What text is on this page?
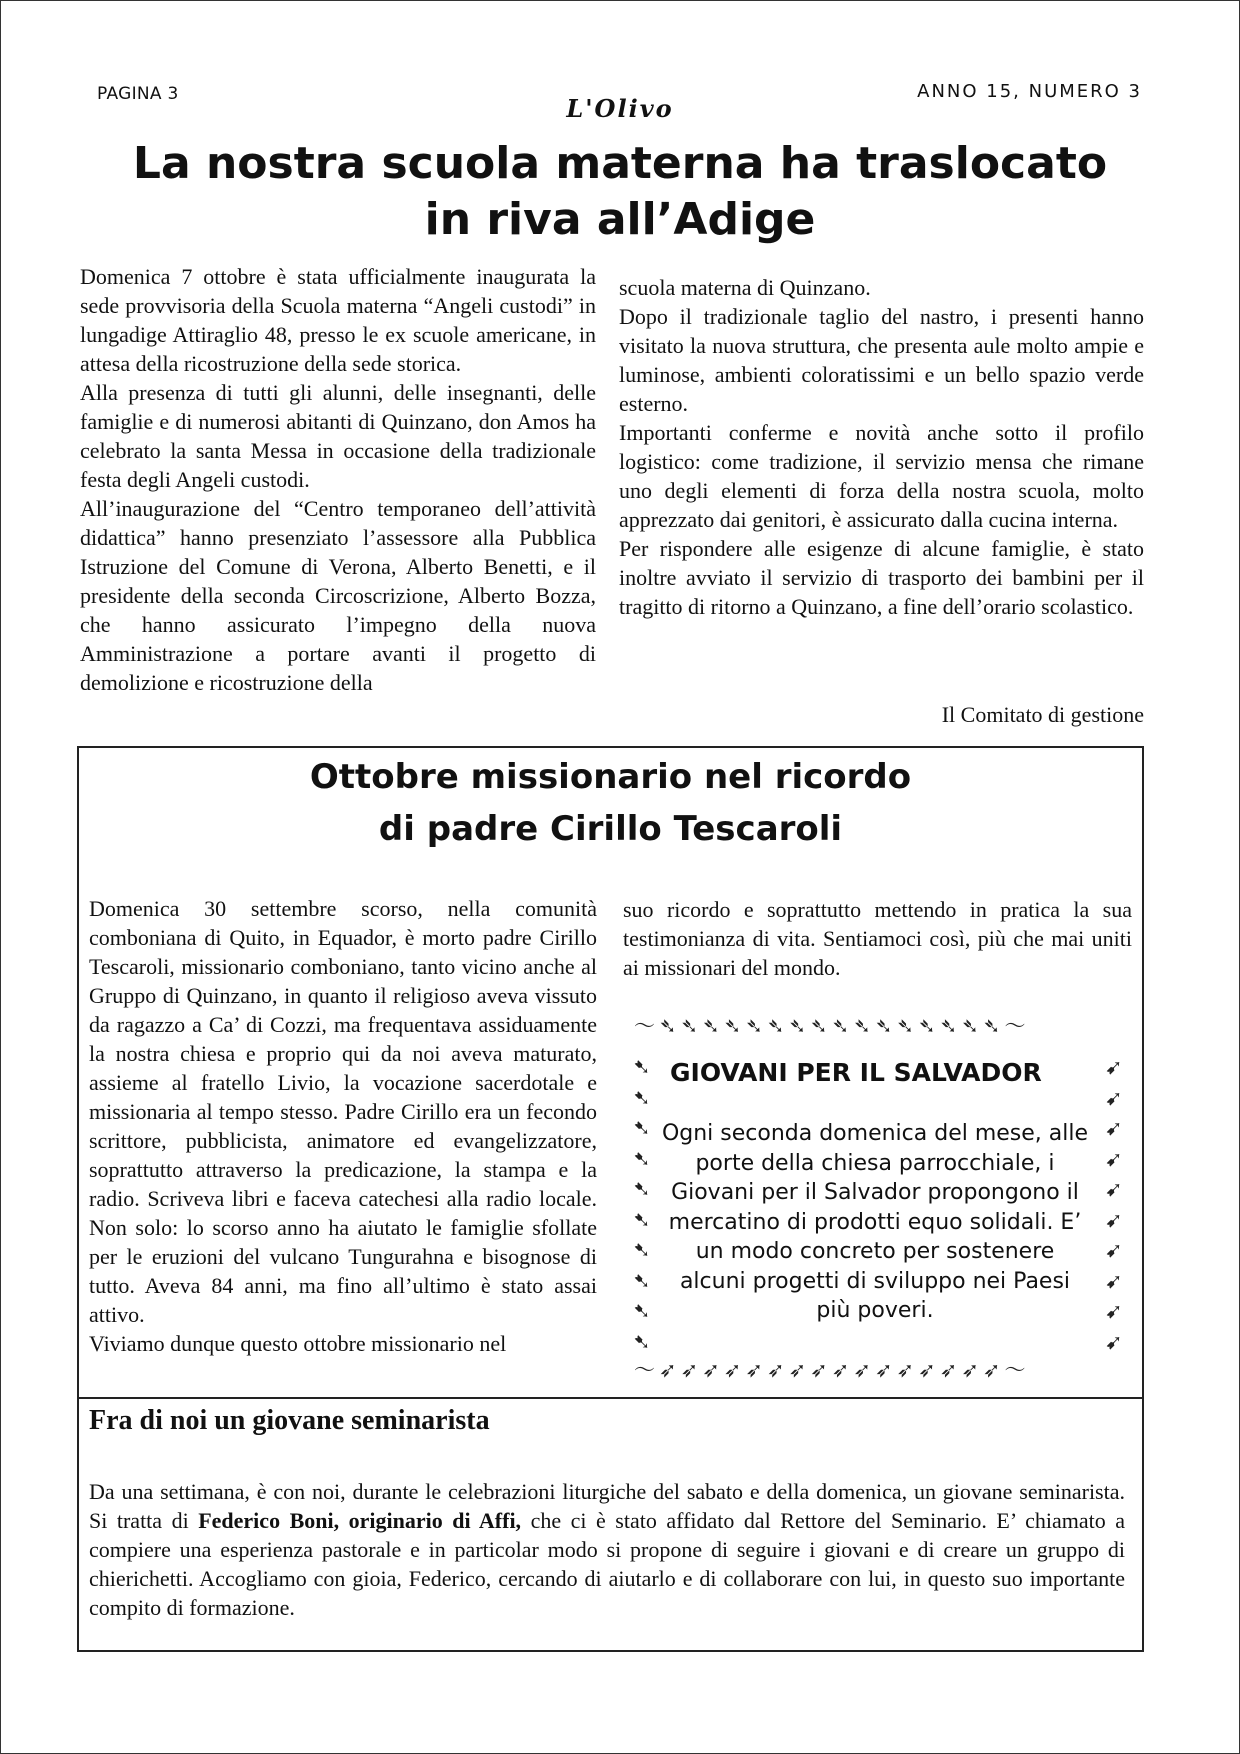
PAGINA 3	L'Olivo
ANNO 15, NUMERO 3
La nostra scuola materna ha traslocato
in riva all’Adige

Domenica 7 ottobre è stata ufficialmente inaugurata la sede provvisoria della Scuola materna “Angeli custodi” in lungadige Attiraglio 48, presso le ex scuole americane, in attesa della ricostruzione della sede storica.

Alla presenza di tutti gli alunni, delle insegnanti, delle famiglie e di numerosi abitanti di Quinzano, don Amos ha celebrato la santa Messa in occasione della tradizionale festa degli Angeli custodi.

All’inaugurazione del “Centro temporaneo dell’attività didattica” hanno presenziato l’assessore alla Pubblica Istruzione del Comune di Verona, Alberto Benetti, e il presidente della seconda Circoscrizione, Alberto Bozza, che hanno assicurato l’impegno della nuova Amministrazione a portare avanti il progetto di demolizione e ricostruzione della

scuola materna di Quinzano.

Dopo il tradizionale taglio del nastro, i presenti hanno visitato la nuova struttura, che presenta aule molto ampie e luminose, ambienti coloratissimi e un bello spazio verde esterno.

Importanti conferme e novità anche sotto il profilo logistico: come tradizione, il servizio mensa che rimane uno degli elementi di forza della nostra scuola, molto apprezzato dai genitori, è assicurato dalla cucina interna.

Per rispondere alle esigenze di alcune famiglie, è stato inoltre avviato il servizio di trasporto dei bambini per il tragitto di ritorno a Quinzano, a fine dell’orario scolastico.

Il Comitato di gestione
Ottobre missionario nel ricordo
di padre Cirillo Tescaroli

Domenica 30 settembre scorso, nella comunità comboniana di Quito, in Equador, è morto padre Cirillo Tescaroli, missionario comboniano, tanto vicino anche al Gruppo di Quinzano, in quanto il religioso aveva vissuto da ragazzo a Ca’ di Cozzi, ma frequentava assiduamente la nostra chiesa e proprio qui da noi aveva maturato, assieme al fratello Livio, la vocazione sacerdotale e missionaria al tempo stesso. Padre Cirillo era un fecondo scrittore, pubblicista, animatore ed evangelizzatore, soprattutto attraverso la predicazione, la stampa e la radio. Scriveva libri e faceva catechesi alla radio locale. Non solo: lo scorso anno ha aiutato le famiglie sfollate per le eruzioni del vulcano Tungurahna e bisognose di tutto. Aveva 84 anni, ma fino all’ultimo è stato assai attivo.

Viviamo dunque questo ottobre missionario nel

suo ricordo e soprattutto mettendo in pratica la sua testimonianza di vita. Sentiamoci così, più che mai uniti ai missionari del mondo.

〜➴➴➴➴➴➴➴➴➴➴➴➴➴➴➴➴〜
〜➶➶➶➶➶➶➶➶➶➶➶➶➶➶➶➶〜
➷
➷
➷
➷
➷
➷
➷
➷
➷
➷
➹
➹
➹
➹
➹
➹
➹
➹
➹
➹
GIOVANI PER IL SALVADOR
Ogni seconda domenica del mese, alle porte della chiesa parrocchiale, i Giovani per il Salvador propongono il mercatino di prodotti equo solidali. E’ un modo concreto per sostenere alcuni progetti di sviluppo nei Paesi più poveri.
Fra di noi un giovane seminarista
Da una settimana, è con noi, durante le celebrazioni liturgiche del sabato e della domenica, un giovane seminarista. Si tratta di Federico Boni, originario di Affi, che ci è stato affidato dal Rettore del Seminario. E’ chiamato a compiere una esperienza pastorale e in particolar modo si propone di seguire i giovani e di creare un gruppo di chierichetti. Accogliamo con gioia, Federico, cercando di aiutarlo e di collaborare con lui, in questo suo importante compito di formazione.
